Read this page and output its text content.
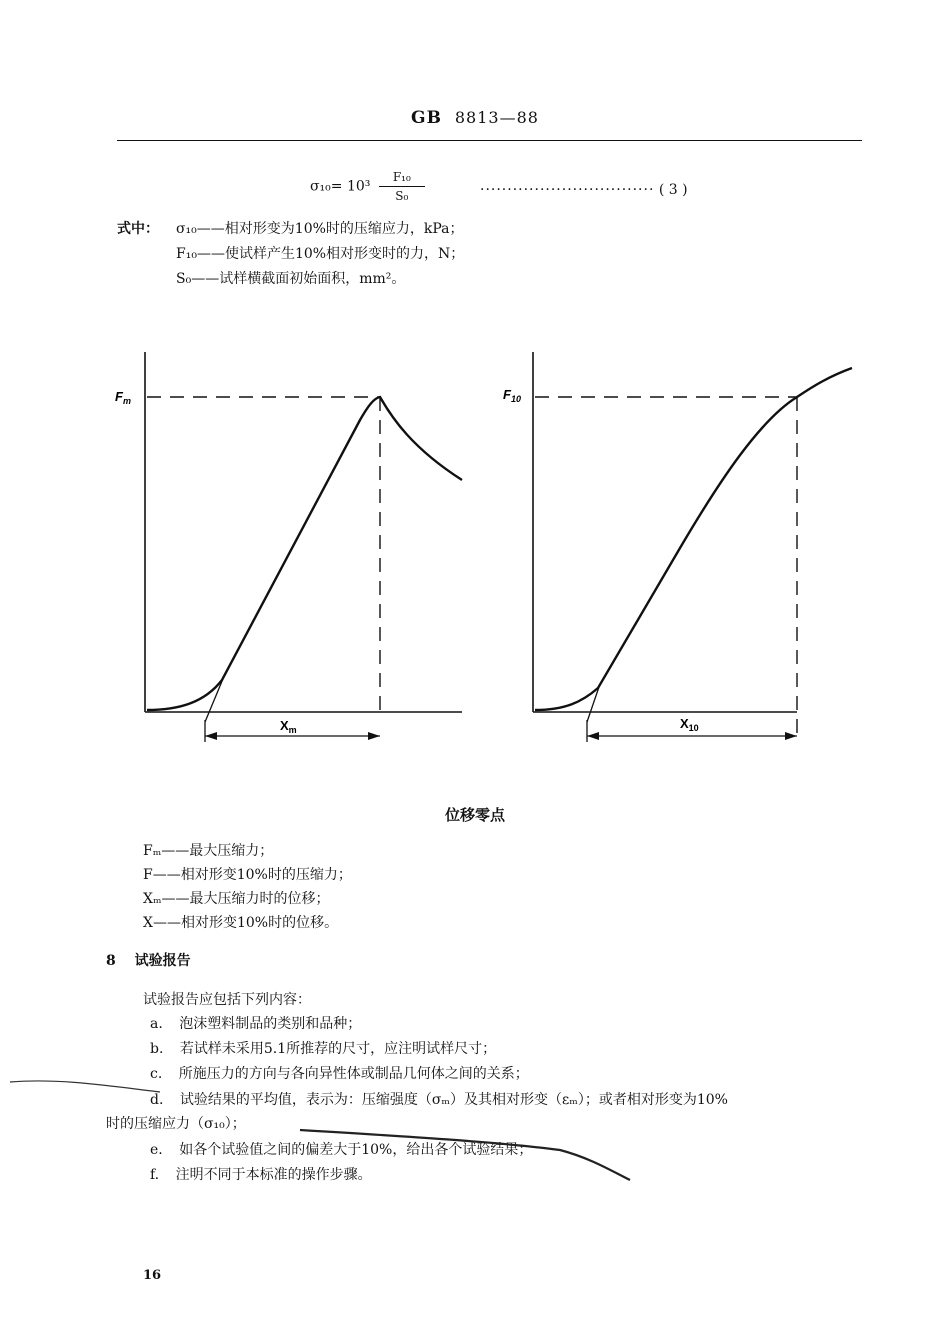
GB 8813—88
$\sigma_{10}= 10^3 \frac{\text{F₁₀}}{\text{S₀}}$	································ ( 3 )
式中： σ₁₀——相对形变为10%时的压缩应力，kPa；
F₁₀——使试样产生10%相对形变时的力，N；
S₀——试样横截面初始面积，mm²。
$F_m$
$X_m$
$F_{10}$
$X_{10}$
位移零点
Fₘ——最大压缩力；
F——相对形变10%时的压缩力；
Xₘ——最大压缩力时的位移；
X——相对形变10%时的位移。
8 试验报告
试验报告应包括下列内容：
a. 泡沫塑料制品的类别和品种；
b. 若试样未采用5.1所推荐的尺寸，应注明试样尺寸；
c. 所施压力的方向与各向异性体或制品几何体之间的关系；
d. 试验结果的平均值，表示为：压缩强度（σₘ）及其相对形变（εₘ）；或者相对形变为10%
时的压缩应力（σ₁₀）；
e. 如各个试验值之间的偏差大于10%，给出各个试验结果；
f. 注明不同于本标准的操作步骤。
16
